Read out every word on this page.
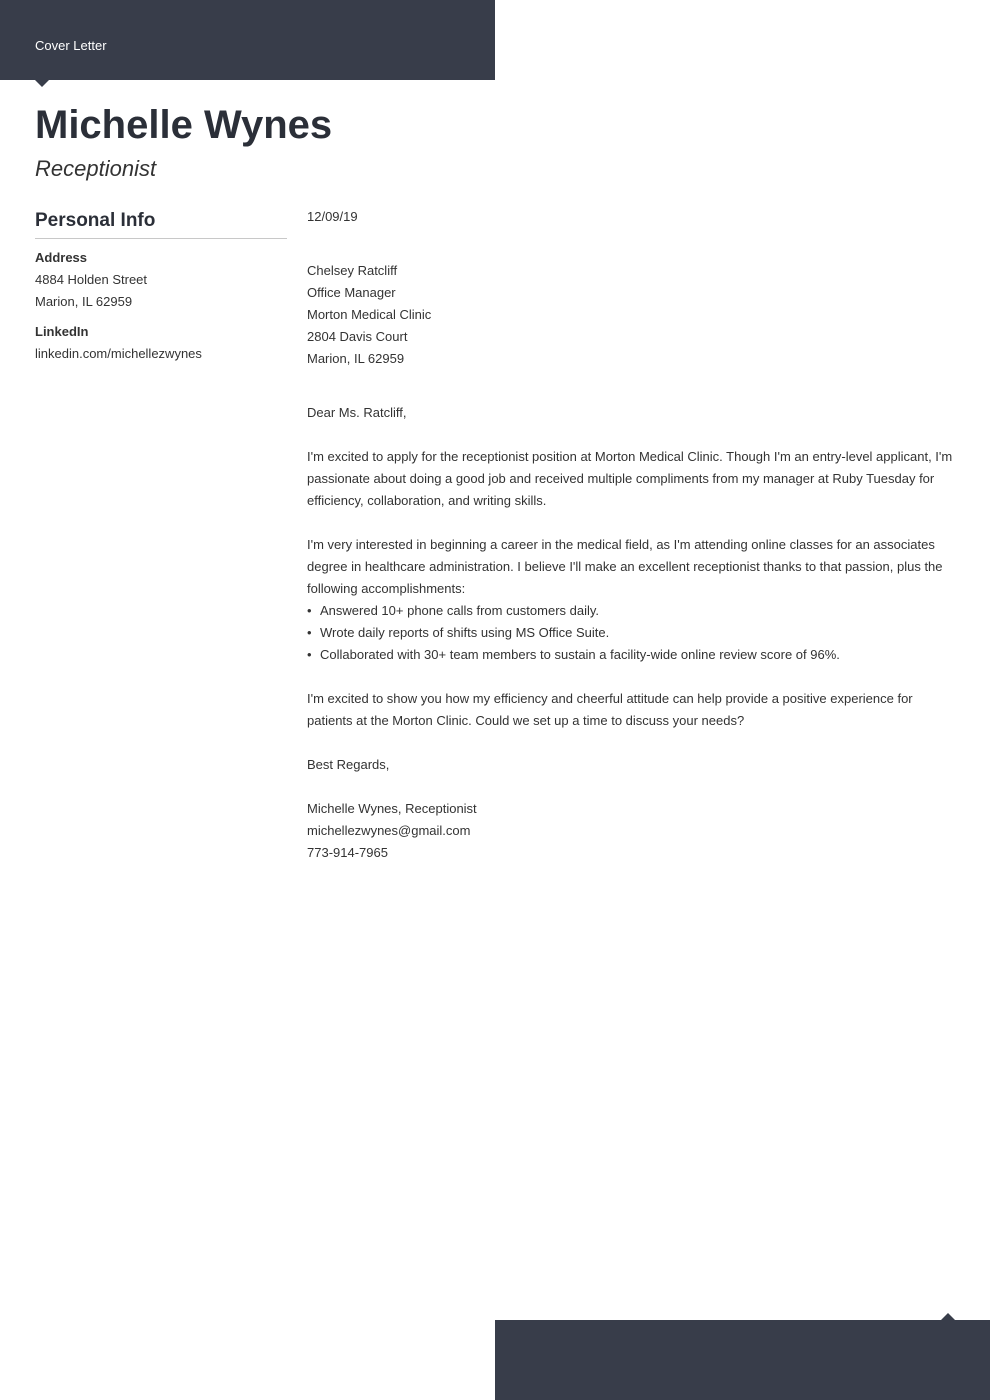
Cover Letter
Michelle Wynes
Receptionist
Personal Info
Address
4884 Holden Street
Marion, IL 62959
LinkedIn
linkedin.com/michellezwynes

12/09/19

Chelsey Ratcliff

Office Manager

Morton Medical Clinic

2804 Davis Court

Marion, IL 62959

Dear Ms. Ratcliff,

I'm excited to apply for the receptionist position at Morton Medical Clinic. Though I'm an entry-level applicant, I'm passionate about doing a good job and received multiple compliments from my manager at Ruby Tuesday for efficiency, collaboration, and writing skills.

I'm very interested in beginning a career in the medical field, as I'm attending online classes for an associates degree in healthcare administration. I believe I'll make an excellent receptionist thanks to that passion, plus the following accomplishments:

• Answered 10+ phone calls from customers daily.
• Wrote daily reports of shifts using MS Office Suite.
• Collaborated with 30+ team members to sustain a facility-wide online review score of 96%.

I'm excited to show you how my efficiency and cheerful attitude can help provide a positive experience for patients at the Morton Clinic. Could we set up a time to discuss your needs?

Best Regards,

Michelle Wynes, Receptionist

michellezwynes@gmail.com

773-914-7965
